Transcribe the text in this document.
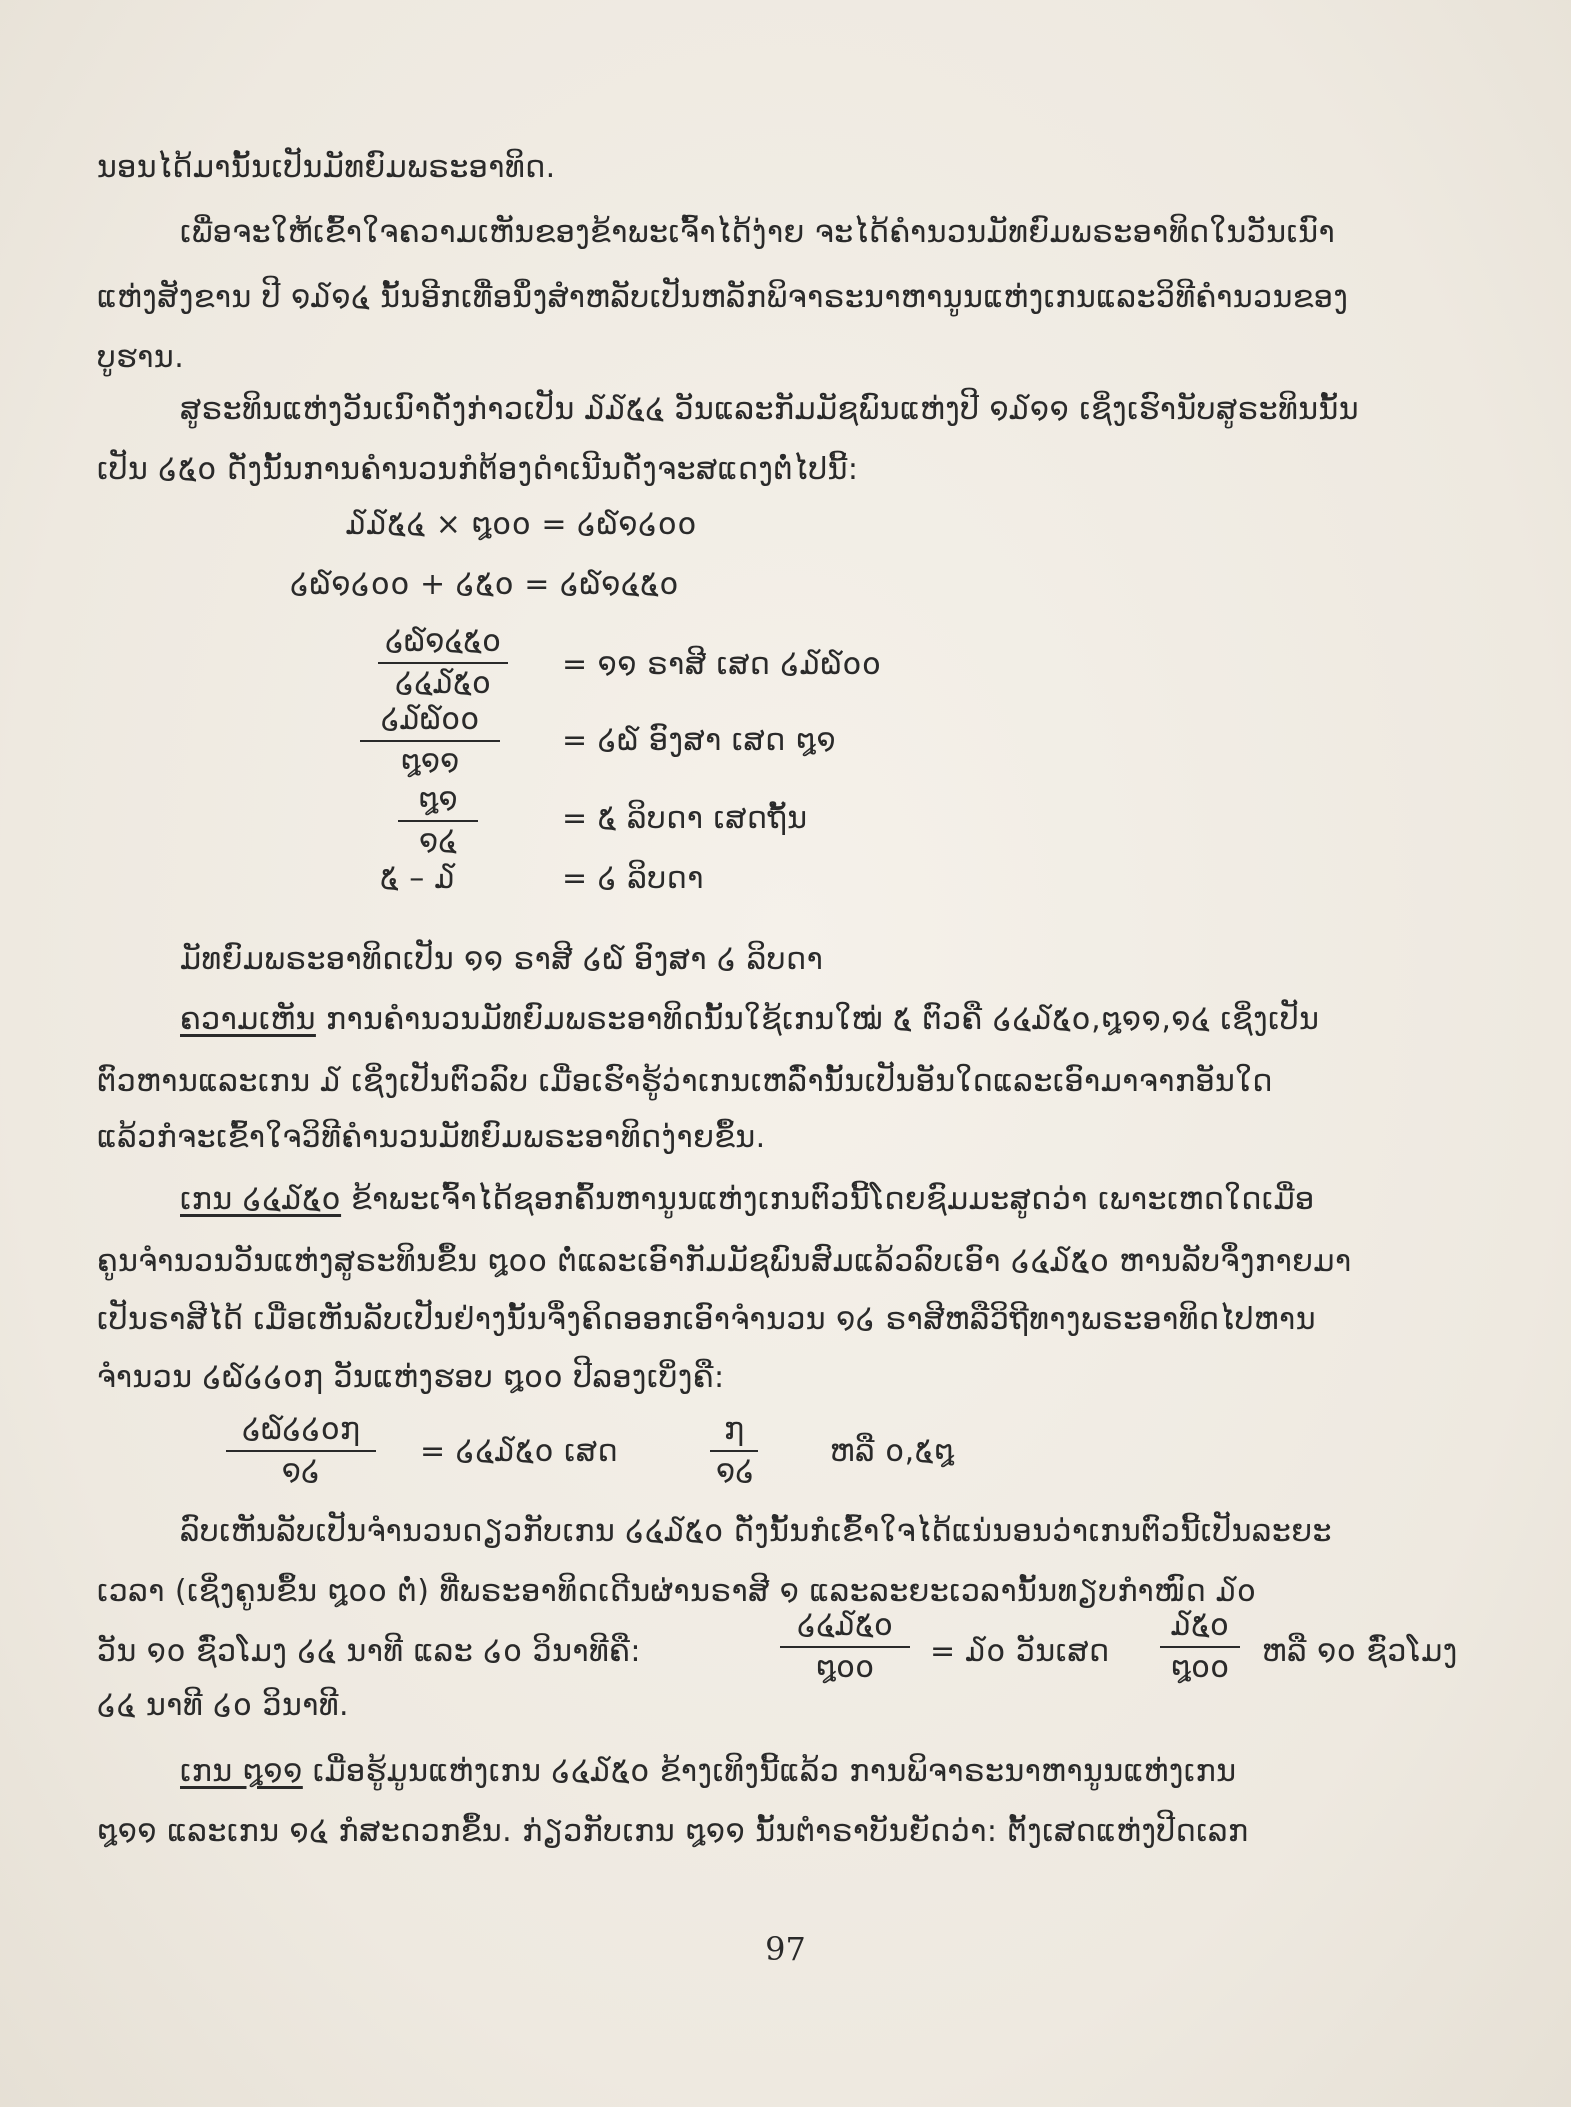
ນອນໄດ້ມານັ້ນເປັນມັທຍົມພຣະອາທິດ.
ເພື່ອຈະໃຫ້ເຂົ້າໃຈຄວາມເຫັນຂອງຂ້າພະເຈົ້າໄດ້ງ່າຍ ຈະໄດ້ຄຳນວນມັທຍົມພຣະອາທິດໃນວັນເນົາ
ແຫ່ງສັງຂານ ປີ ໑໓໑໔ ນັ້ນອີກເທື່ອນຶ່ງສຳຫລັບເປັນຫລັກພິຈາຣະນາຫານູນແຫ່ງເກນແລະວິທີຄຳນວນຂອງ
ບູຮານ.
ສູຣະທິນແຫ່ງວັນເນົາດັ່ງກ່າວເປັນ ໓໓໕໔ ວັນແລະກັມມັຊພົນແຫ່ງປີ ໑໓໑໑ ເຊິ່ງເຮົານັບສູຣະທິນນັ້ນ
ເປັນ ໒໕໐ ດັ່ງນັ້ນການຄຳນວນກໍຕ້ອງດຳເນີນດັ່ງຈະສແດງຕໍ່ໄປນີ້:
໓໓໕໔ × ໘໐໐ = ໒໖໑໒໐໐
໒໖໑໒໐໐ + ໒໕໐ = ໒໖໑໔໕໐
໒໖໑໔໕໐
໒໔໓໕໐
= ໑໑ ຣາສີ ເສດ ໒໓໖໐໐
໒໓໖໐໐
໘໑໑
= ໒໖ ອົງສາ ເສດ ໘໑
໘໑
໑໔
= ໕ ລິບດາ ເສດຖັ້ນ
໕ – ໓	= ໒ ລິບດາ
ມັທຍົມພຣະອາທິດເປັນ ໑໑ ຣາສີ ໒໖ ອົງສາ ໒ ລິບດາ
ຄວາມເຫັນ ການຄຳນວນມັທຍົມພຣະອາທິດນັ້ນໃຊ້ເກນໃໝ່ ໕ ຕົວຄື ໒໔໓໕໐,໘໑໑,໑໔ ເຊິ່ງເປັນ
ຕົວຫານແລະເກນ ໓ ເຊິ່ງເປັນຕົວລົບ ເມື່ອເຮົາຮູ້ວ່າເກນເຫລົ່ານັ້ນເປັນອັນໃດແລະເອົາມາຈາກອັນໃດ
ແລ້ວກໍຈະເຂົ້າໃຈວິທີຄຳນວນມັທຍົມພຣະອາທິດງ່າຍຂຶ້ນ.
ເກນ ໒໔໓໕໐ ຂ້າພະເຈົ້າໄດ້ຊອກຄົ້ນຫານູນແຫ່ງເກນຕົວນີ້ໂດຍຊົມມະສູດວ່າ ເພາະເຫດໃດເມື່ອ
ຄູນຈຳນວນວັນແຫ່ງສູຣະທິນຂຶ້ນ ໘໐໐ ຕໍ່ແລະເອົາກັມມັຊພົນສົມແລ້ວລົບເອົາ ໒໔໓໕໐ ຫານລັບຈຶ່ງກາຍມາ
ເປັນຣາສີໄດ້ ເມື່ອເຫັນລັບເປັນຢ່າງນັ້ນຈຶ່ງຄິດອອກເອົາຈຳນວນ ໑໒ ຣາສີຫລືວິຖີທາງພຣະອາທິດໄປຫານ
ຈຳນວນ ໒໖໒໒໐໗ ວັນແຫ່ງຮອບ ໘໐໐ ປີລອງເບິ່ງຄື:
໒໖໒໒໐໗
໑໒
= ໒໔໓໕໐ ເສດ
໗
໑໒
ຫລື ໐,໕໘
ລົບເຫັນລັບເປັນຈຳນວນດຽວກັບເກນ ໒໔໓໕໐ ດັ່ງນັ້ນກໍເຂົ້າໃຈໄດ້ແນ່ນອນວ່າເກນຕົວນີ້ເປັນລະຍະ
ເວລາ (ເຊິ່ງຄູນຂຶ້ນ ໘໐໐ ຕໍ່) ທີ່ພຣະອາທິດເດີນຜ່ານຣາສີ ໑ ແລະລະຍະເວລານັ້ນທຽບກຳໜົດ ໓໐
ວັນ ໑໐ ຊົ່ວໂມງ ໒໔ ນາທີ ແລະ ໒໐ ວິນາທີຄື:
໒໔໓໕໐
໘໐໐	= ໓໐ ວັນເສດ
໓໕໐
໘໐໐	ຫລື ໑໐ ຊົ່ວໂມງ
໒໔ ນາທີ ໒໐ ວິນາທີ.
ເກນ ໘໑໑ ເມື່ອຮູ້ມູນແຫ່ງເກນ ໒໔໓໕໐ ຂ້າງເທິງນີ້ແລ້ວ ການພິຈາຣະນາຫານູນແຫ່ງເກນ
໘໑໑ ແລະເກນ ໑໔ ກໍສະດວກຂຶ້ນ. ກ່ຽວກັບເກນ ໘໑໑ ນັ້ນຕຳຣາບັນຍັດວ່າ: ຕັ້ງເສດແຫ່ງປີດເລກ
97
